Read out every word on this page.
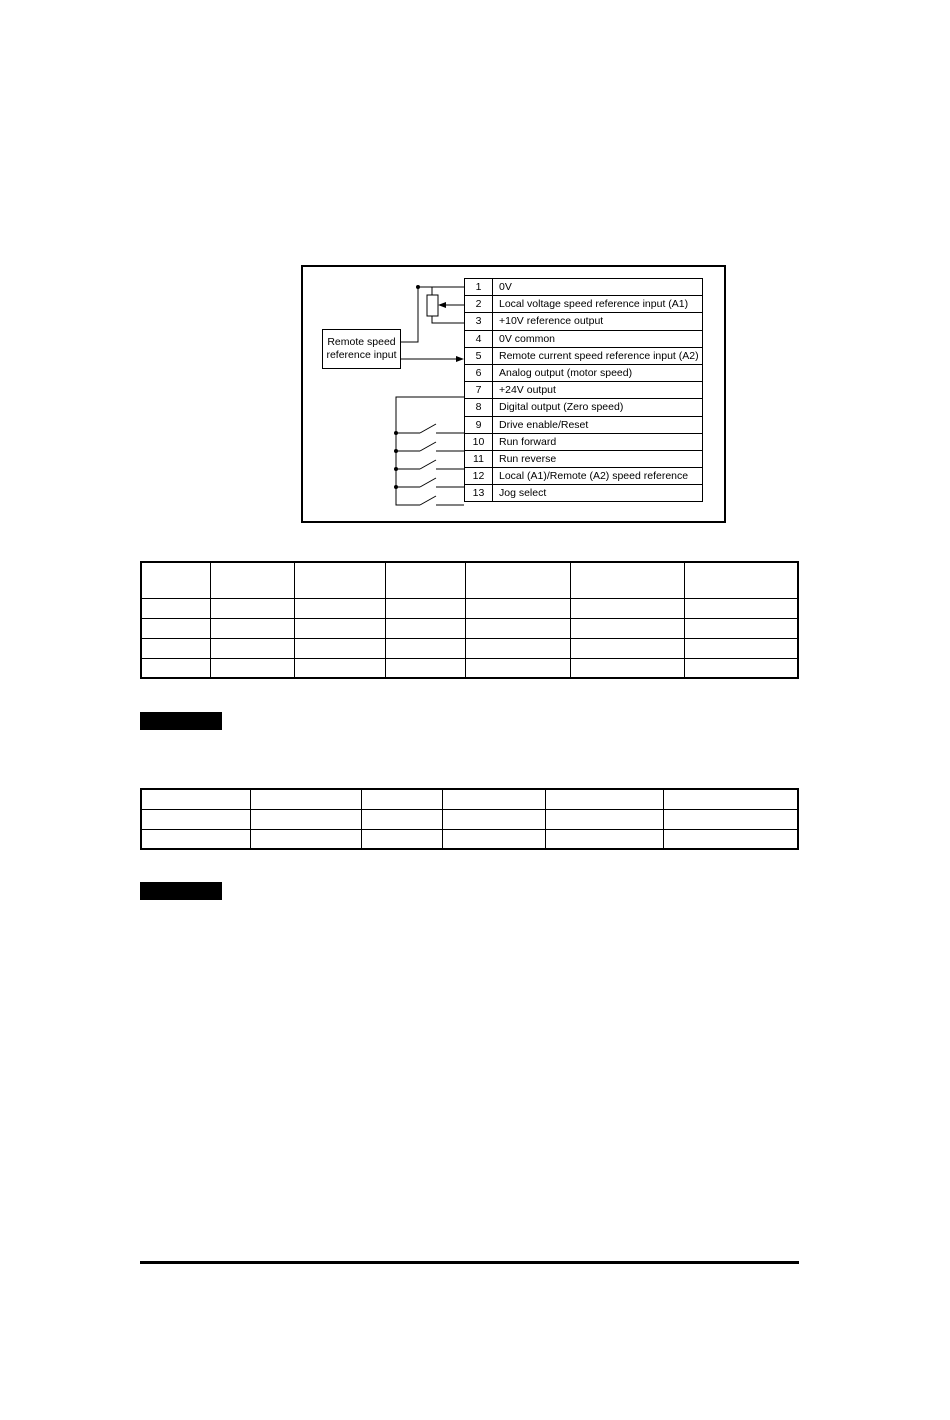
Remote speed
reference input
1	0V
2	Local voltage speed reference input (A1)
3	+10V reference output
4	0V common
5	Remote current speed reference input (A2)
6	Analog output (motor speed)
7	+24V output
8	Digital output (Zero speed)
9	Drive enable/Reset
10	Run forward
11	Run reverse
12	Local (A1)/Remote (A2) speed reference
13	Jog select
